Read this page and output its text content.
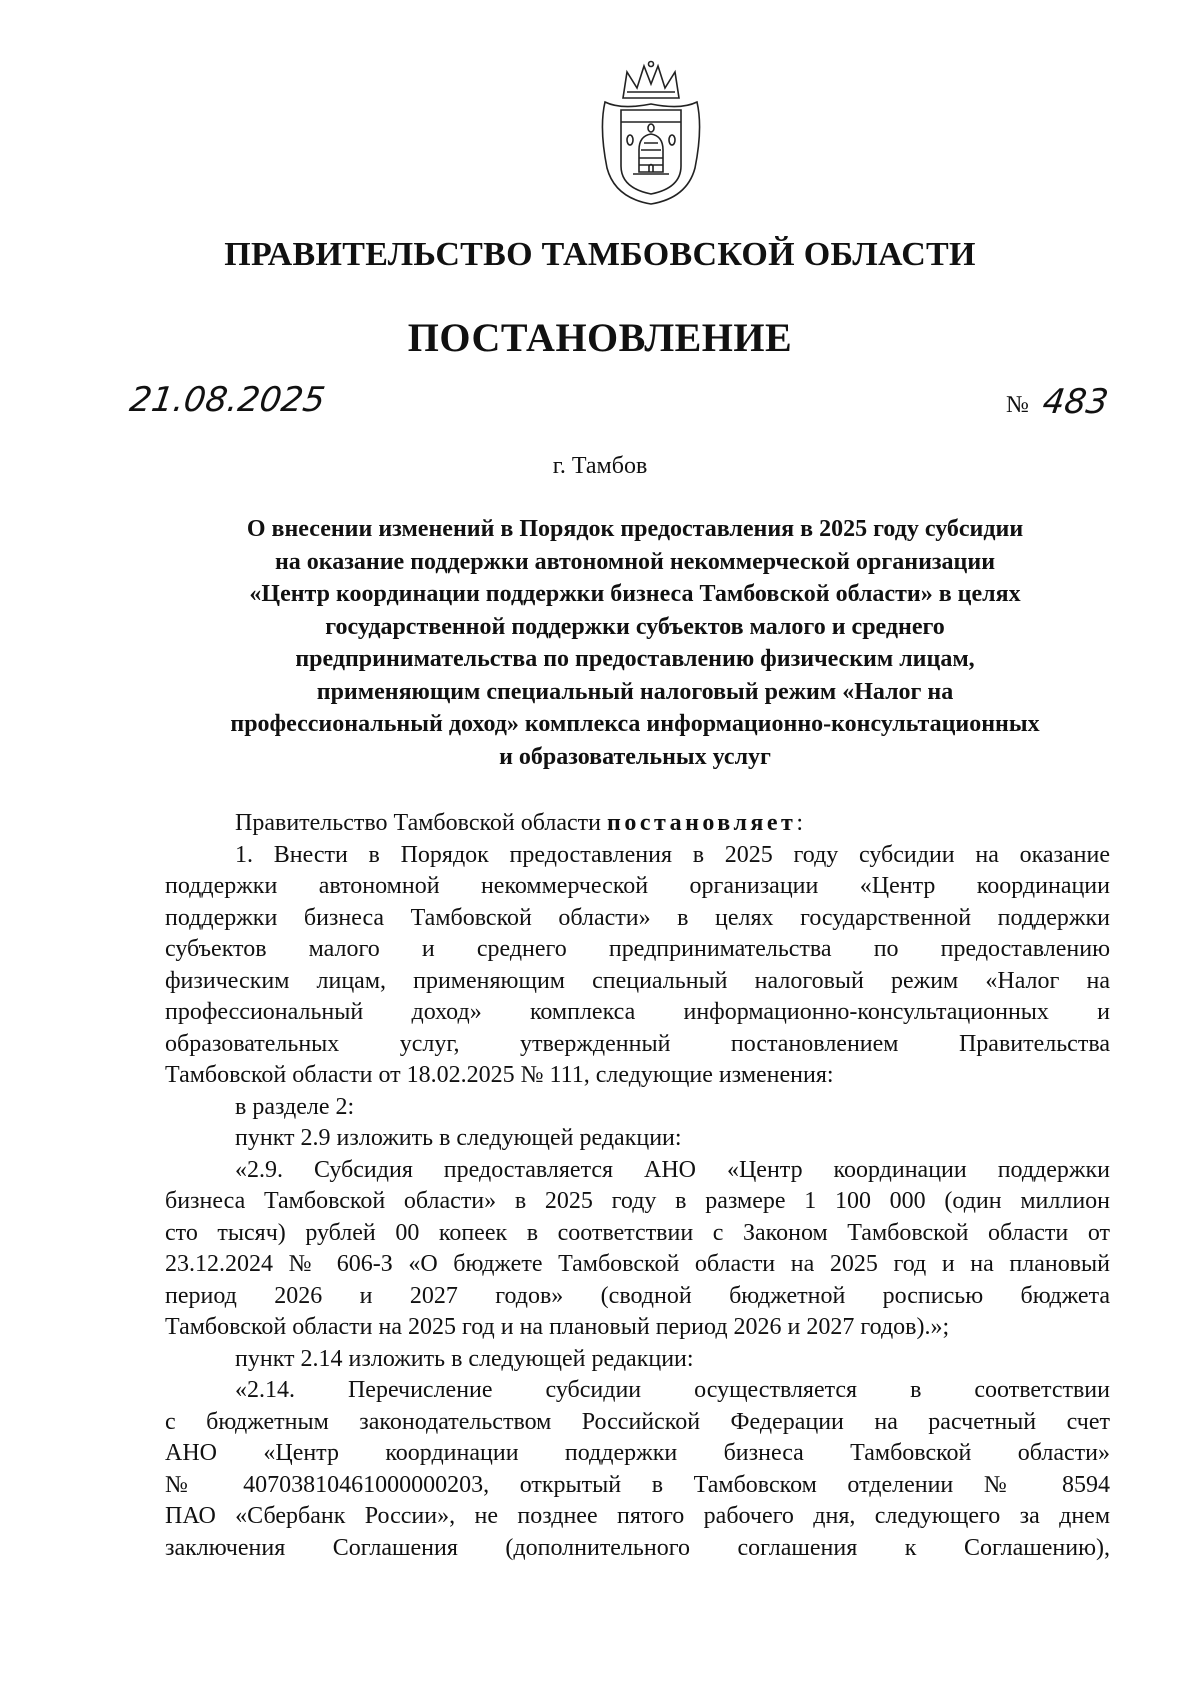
ПРАВИТЕЛЬСТВО ТАМБОВСКОЙ ОБЛАСТИ
ПОСТАНОВЛЕНИЕ
21.08.2025	№ 483
г. Тамбов
О внесении изменений в Порядок предоставления в 2025 году субсидии
на оказание поддержки автономной некоммерческой организации
«Центр координации поддержки бизнеса Тамбовской области» в целях
государственной поддержки субъектов малого и среднего
предпринимательства по предоставлению физическим лицам,
применяющим специальный налоговый режим «Налог на
профессиональный доход» комплекса информационно-консультационных
и образовательных услуг
Правительство Тамбовской области постановляет:
1. Внести в Порядок предоставления в 2025 году субсидии на оказание
поддержки автономной некоммерческой организации «Центр координации
поддержки бизнеса Тамбовской области» в целях государственной поддержки
субъектов малого и среднего предпринимательства по предоставлению
физическим лицам, применяющим специальный налоговый режим «Налог на
профессиональный доход» комплекса информационно-консультационных и
образовательных услуг, утвержденный постановлением Правительства
Тамбовской области от 18.02.2025 № 111, следующие изменения:
в разделе 2:
пункт 2.9 изложить в следующей редакции:
«2.9. Субсидия предоставляется АНО «Центр координации поддержки
бизнеса Тамбовской области» в 2025 году в размере 1 100 000 (один миллион
сто тысяч) рублей 00 копеек в соответствии с Законом Тамбовской области от
23.12.2024 № 606-З «О бюджете Тамбовской области на 2025 год и на плановый
период 2026 и 2027 годов» (сводной бюджетной росписью бюджета
Тамбовской области на 2025 год и на плановый период 2026 и 2027 годов).»;
пункт 2.14 изложить в следующей редакции:
«2.14. Перечисление субсидии осуществляется в соответствии
с бюджетным законодательством Российской Федерации на расчетный счет
АНО «Центр координации поддержки бизнеса Тамбовской области»
№ 40703810461000000203, открытый в Тамбовском отделении № 8594
ПАО «Сбербанк России», не позднее пятого рабочего дня, следующего за днем
заключения Соглашения (дополнительного соглашения к Соглашению),
